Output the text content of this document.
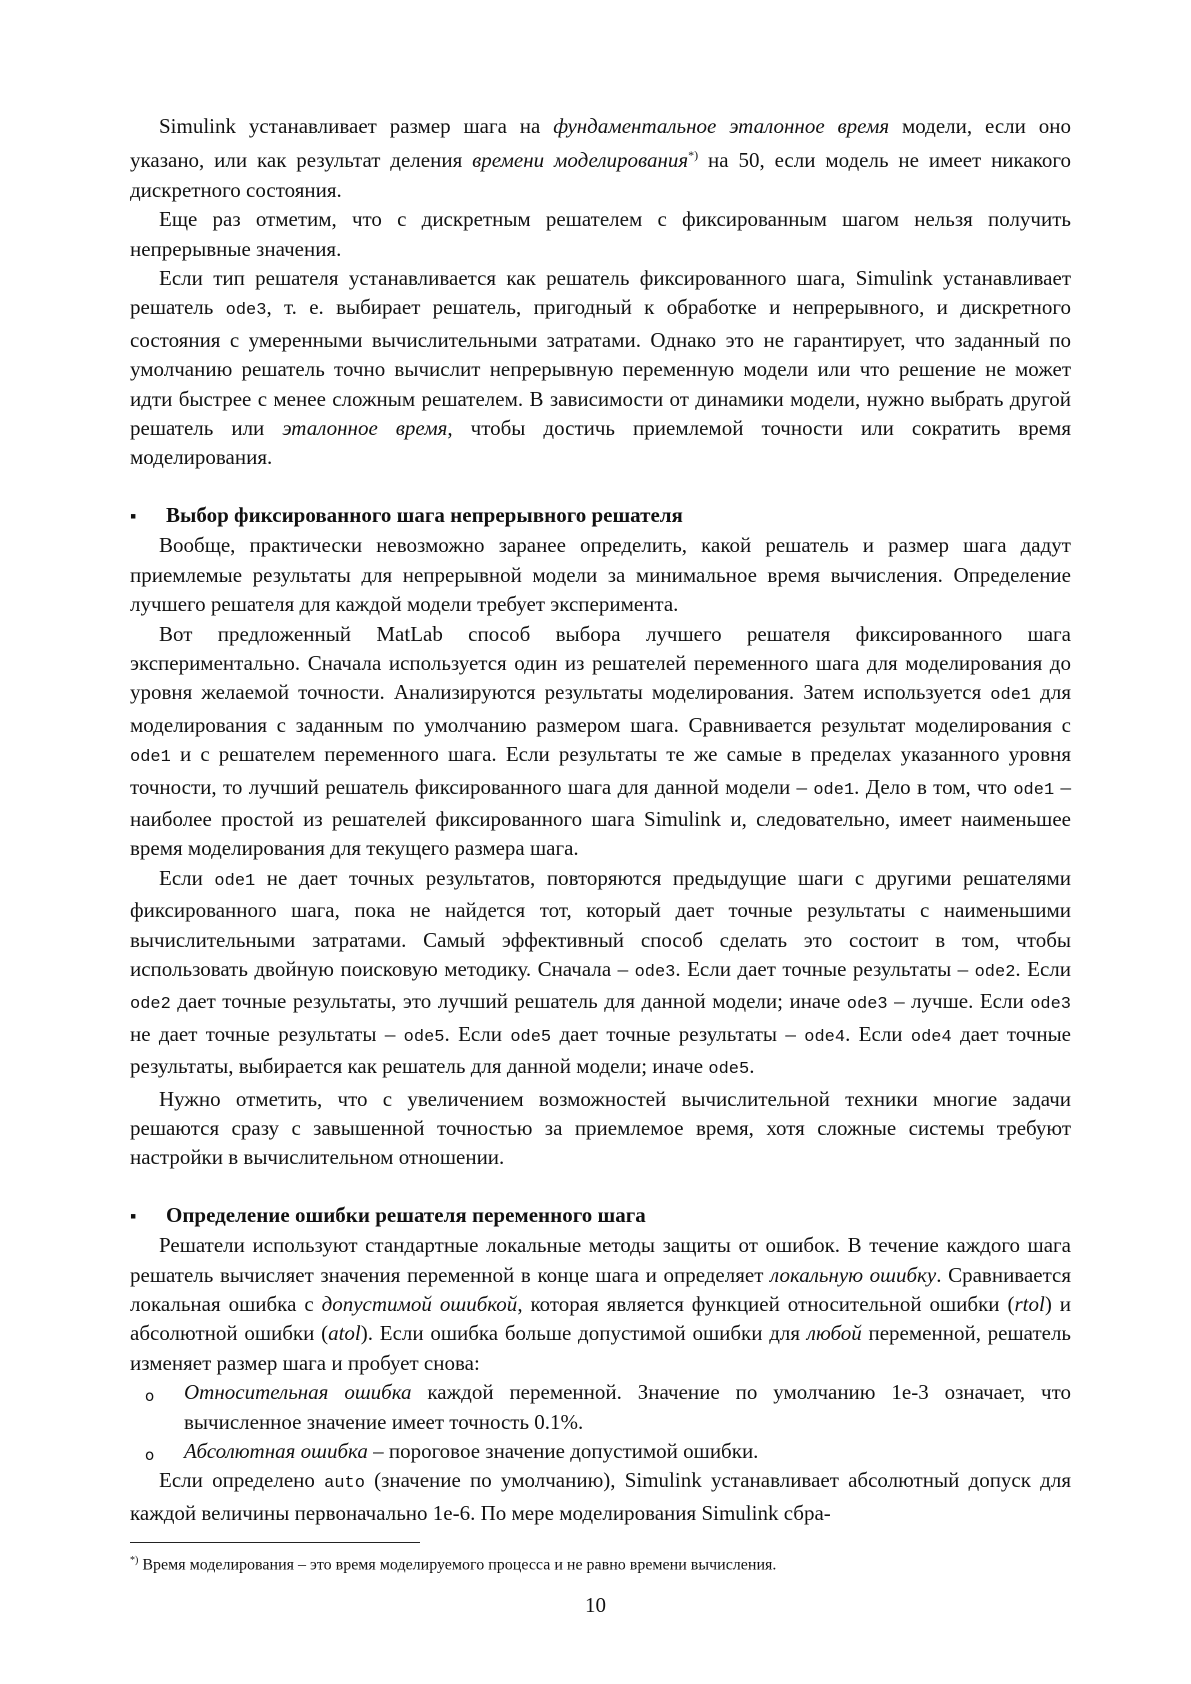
Simulink устанавливает размер шага на фундаментальное эталонное время модели, если оно указано, или как результат деления времени моделирования*) на 50, если модель не имеет никакого дискретного состояния.

Еще раз отметим, что с дискретным решателем с фиксированным шагом нельзя получить непрерывные значения.

Если тип решателя устанавливается как решатель фиксированного шага, Simulink устанавливает решатель ode3, т. е. выбирает решатель, пригодный к обработке и непрерывного, и дискретного состояния с умеренными вычислительными затратами. Однако это не гарантирует, что заданный по умолчанию решатель точно вычислит непрерывную переменную модели или что решение не может идти быстрее с менее сложным решателем. В зависимости от динамики модели, нужно выбрать другой решатель или эталонное время, чтобы достичь приемлемой точности или сократить время моделирования.

▪	Выбор фиксированного шага непрерывного решателя

Вообще, практически невозможно заранее определить, какой решатель и размер шага дадут приемлемые результаты для непрерывной модели за минимальное время вычисления. Определение лучшего решателя для каждой модели требует эксперимента.

Вот предложенный MatLab способ выбора лучшего решателя фиксированного шага экспериментально. Сначала используется один из решателей переменного шага для моделирования до уровня желаемой точности. Анализируются результаты моделирования. Затем используется ode1 для моделирования с заданным по умолчанию размером шага. Сравнивается результат моделирования с ode1 и с решателем переменного шага. Если результаты те же самые в пределах указанного уровня точности, то лучший решатель фиксированного шага для данной модели – ode1. Дело в том, что ode1 – наиболее простой из решателей фиксированного шага Simulink и, следовательно, имеет наименьшее время моделирования для текущего размера шага.

Если ode1 не дает точных результатов, повторяются предыдущие шаги с другими решателями фиксированного шага, пока не найдется тот, который дает точные результаты с наименьшими вычислительными затратами. Самый эффективный способ сделать это состоит в том, чтобы использовать двойную поисковую методику. Сначала – ode3. Если дает точные результаты – ode2. Если ode2 дает точные результаты, это лучший решатель для данной модели; иначе ode3 – лучше. Если ode3 не дает точные результаты – ode5. Если ode5 дает точные результаты – ode4. Если ode4 дает точные результаты, выбирается как решатель для данной модели; иначе ode5.

Нужно отметить, что с увеличением возможностей вычислительной техники многие задачи решаются сразу с завышенной точностью за приемлемое время, хотя сложные системы требуют настройки в вычислительном отношении.

▪	Определение ошибки решателя переменного шага

Решатели используют стандартные локальные методы защиты от ошибок. В течение каждого шага решатель вычисляет значения переменной в конце шага и определяет локальную ошибку. Сравнивается локальная ошибка с допустимой ошибкой, которая является функцией относительной ошибки (rtol) и абсолютной ошибки (atol). Если ошибка больше допустимой ошибки для любой переменной, решатель изменяет размер шага и пробует снова:

o Относительная ошибка каждой переменной. Значение по умолчанию 1e-3 означает, что вычисленное значение имеет точность 0.1%.
o Абсолютная ошибка – пороговое значение допустимой ошибки.

Если определено auto (значение по умолчанию), Simulink устанавливает абсолютный допуск для каждой величины первоначально 1e-6. По мере моделирования Simulink сбра-

*) Время моделирования – это время моделируемого процесса и не равно времени вычисления.
10
